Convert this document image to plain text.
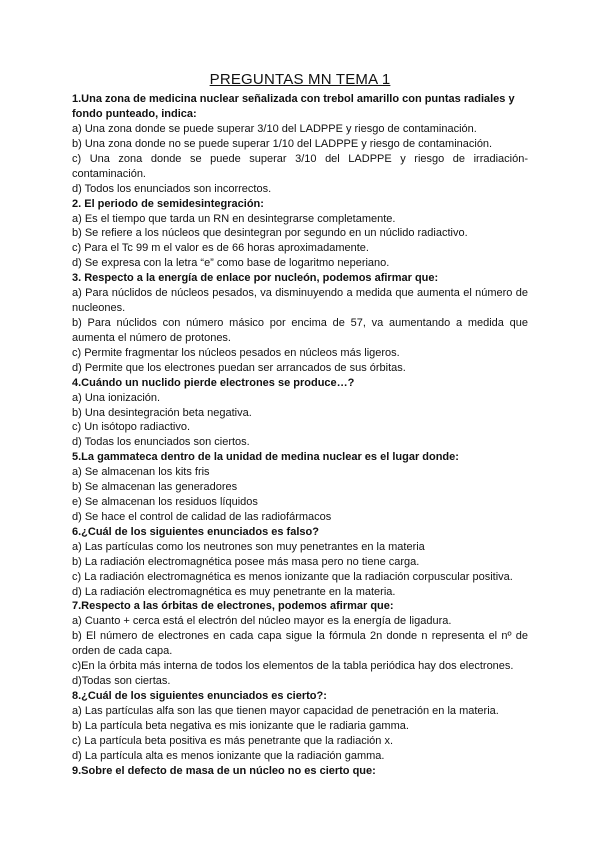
PREGUNTAS MN TEMA 1

1.Una zona de medicina nuclear señalizada con trebol amarillo con puntas radiales y fondo punteado, indica:

a) Una zona donde se puede superar 3/10 del LADPPE y riesgo de contaminación.

b) Una zona donde no se puede superar 1/10 del LADPPE y riesgo de contaminación.

c) Una zona donde se puede superar 3/10 del LADPPE y riesgo de irradiación-contaminación.

d) Todos los enunciados son incorrectos.

2. El periodo de semidesintegración:

a) Es el tiempo que tarda un RN en desintegrarse completamente.

b) Se refiere a los núcleos que desintegran por segundo en un núclido radiactivo.

c) Para el Tc 99 m el valor es de 66 horas aproximadamente.

d) Se expresa con la letra “e” como base de logaritmo neperiano.

3. Respecto a la energía de enlace por nucleón, podemos afirmar que:

a) Para núclidos de núcleos pesados, va disminuyendo a medida que aumenta el número de nucleones.

b) Para núclidos con número másico por encima de 57, va aumentando a medida que aumenta el número de protones.

c) Permite fragmentar los núcleos pesados en núcleos más ligeros.

d) Permite que los electrones puedan ser arrancados de sus órbitas.

4.Cuándo un nuclido pierde electrones se produce…?

a) Una ionización.

b) Una desintegración beta negativa.

c) Un isótopo radiactivo.

d) Todas los enunciados son ciertos.

5.La gammateca dentro de la unidad de medina nuclear es el lugar donde:

a) Se almacenan los kits fris

b) Se almacenan las generadores

e) Se almacenan los residuos líquidos

d) Se hace el control de calidad de las radiofármacos

6.¿Cuál de los siguientes enunciados es falso?

a) Las partículas como los neutrones son muy penetrantes en la materia

b) La radiación electromagnética posee más masa pero no tiene carga.

c) La radiación electromagnética es menos ionizante que la radiación corpuscular positiva.

d) La radiación electromagnética es muy penetrante en la materia.

7.Respecto a las órbitas de electrones, podemos afirmar que:

a) Cuanto + cerca está el electrón del núcleo mayor es la energía de ligadura.

b) El número de electrones en cada capa sigue la fórmula 2n donde n representa el nº de orden de cada capa.

c)En la órbita más interna de todos los elementos de la tabla periódica hay dos electrones.

d)Todas son ciertas.

8.¿Cuál de los siguientes enunciados es cierto?:

a) Las partículas alfa son las que tienen mayor capacidad de penetración en la materia.

b) La partícula beta negativa es mis ionizante que le radiaria gamma.

c) La partícula beta positiva es más penetrante que la radiación x.

d) La partícula alta es menos ionizante que la radiación gamma.

9.Sobre el defecto de masa de un núcleo no es cierto que:
